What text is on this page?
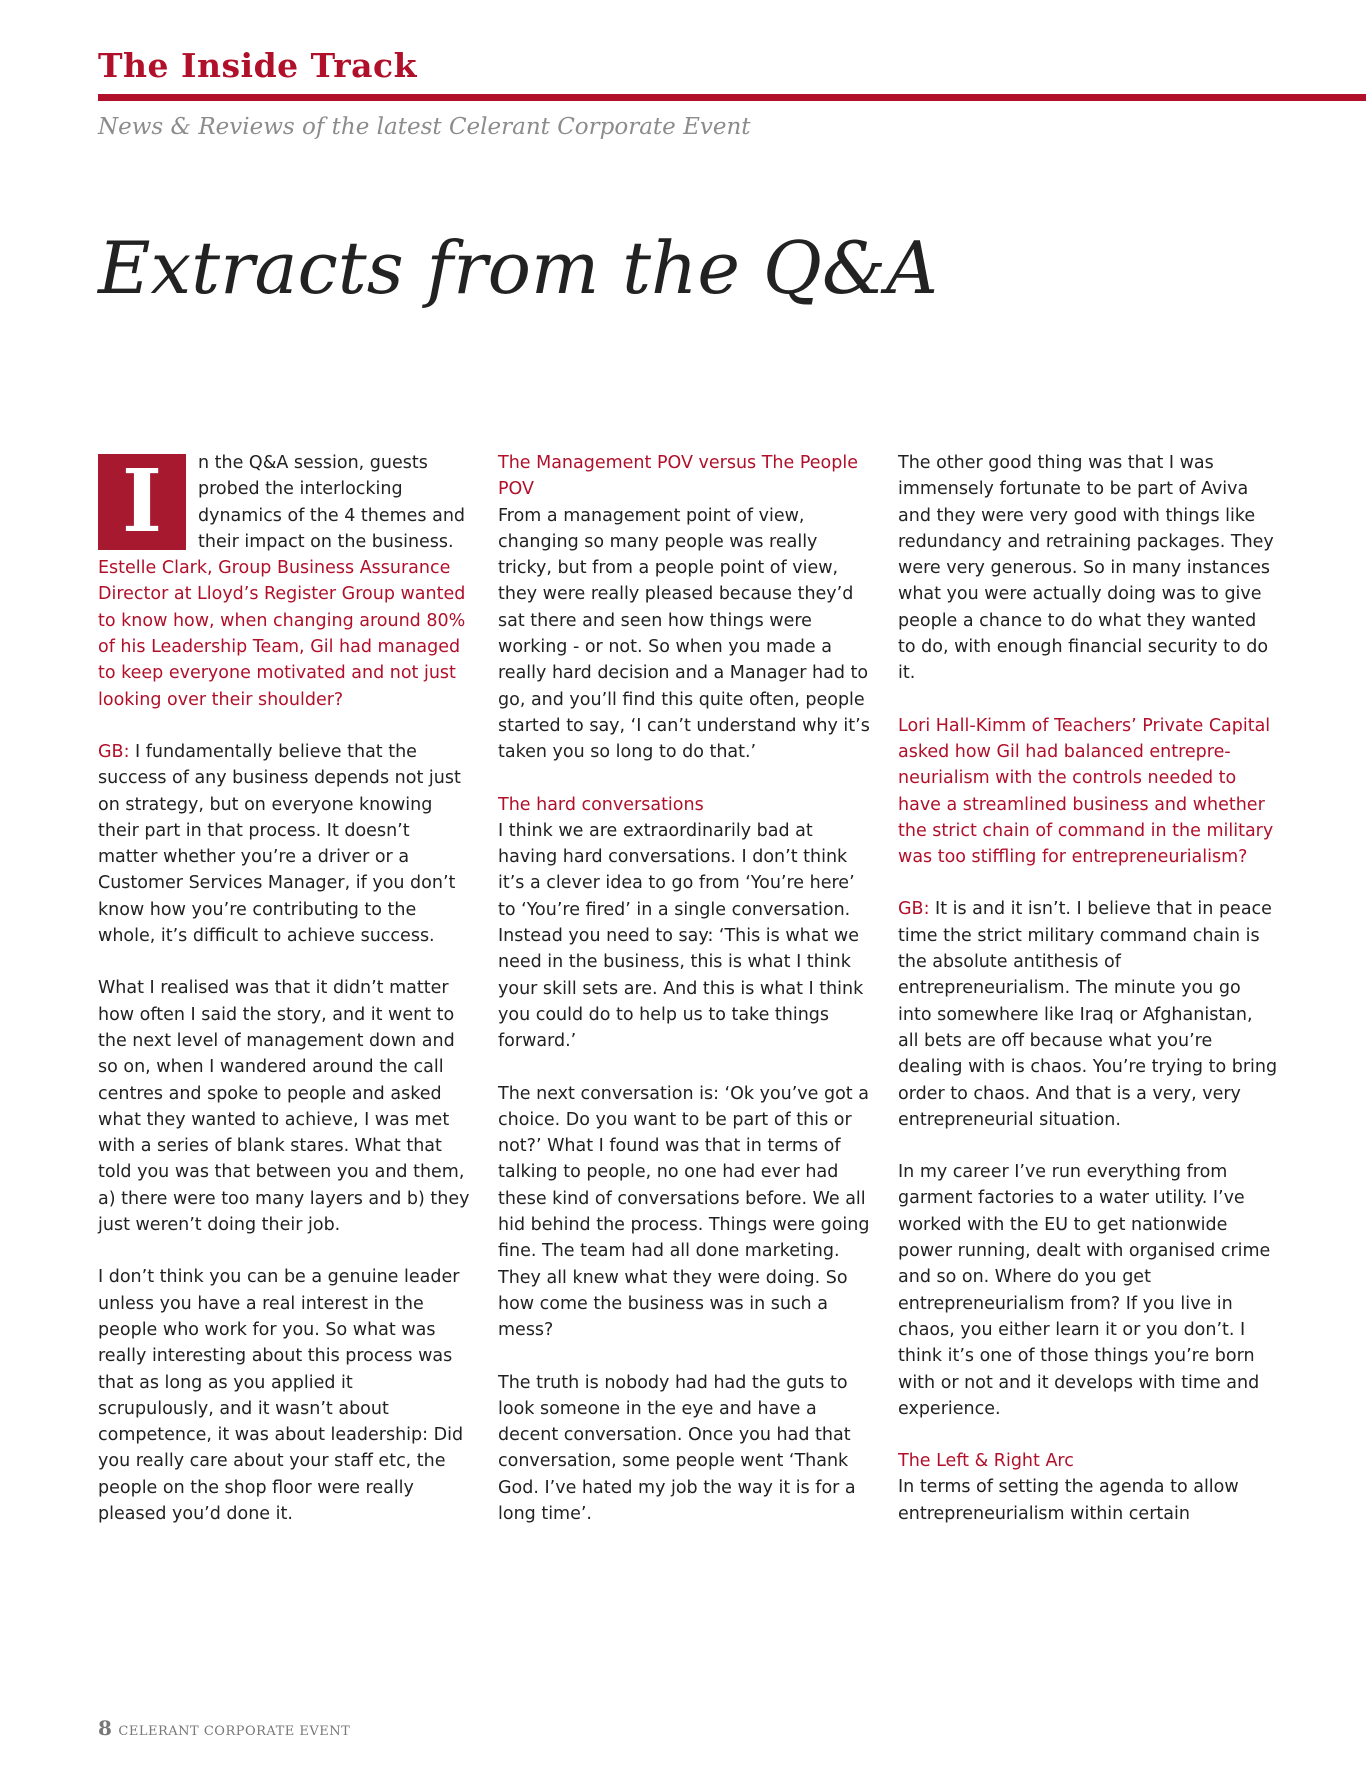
The Inside Track
News & Reviews of the latest Celerant Corporate Event
Extracts from the Q&A

I	n the Q&A session, guests probed the interlocking dynamics of the 4 themes and their impact on the business. Estelle Clark, Group Business Assurance Director at Lloyd’s Register Group wanted to know how, when changing around 80% of his Leadership Team, Gil had managed to keep everyone motivated and not just looking over their shoulder?

GB: I fundamentally believe that the success of any business depends not just on strategy, but on everyone knowing their part in that process. It doesn’t matter whether you’re a driver or a Customer Services Manager, if you don’t know how you’re contributing to the whole, it’s difficult to achieve success.

What I realised was that it didn’t matter how often I said the story, and it went to the next level of management down and so on, when I wandered around the call centres and spoke to people and asked what they wanted to achieve, I was met with a series of blank stares. What that told you was that between you and them, a) there were too many layers and b) they just weren’t doing their job.

I don’t think you can be a genuine leader unless you have a real interest in the people who work for you. So what was really interesting about this process was that as long as you applied it scrupulously, and it wasn’t about competence, it was about leadership: Did you really care about your staff etc, the people on the shop floor were really pleased you’d done it.

The Management POV versus The People POV
From a management point of view, changing so many people was really tricky, but from a people point of view, they were really pleased because they’d sat there and seen how things were working - or not. So when you made a really hard decision and a Manager had to go, and you’ll find this quite often, people started to say, ‘I can’t understand why it’s taken you so long to do that.’

The hard conversations
I think we are extraordinarily bad at having hard conversations. I don’t think it’s a clever idea to go from ‘You’re here’ to ‘You’re fired’ in a single conversation. Instead you need to say: ‘This is what we need in the business, this is what I think your skill sets are. And this is what I think you could do to help us to take things forward.’

The next conversation is: ‘Ok you’ve got a choice. Do you want to be part of this or not?’ What I found was that in terms of talking to people, no one had ever had these kind of conversations before. We all hid behind the process. Things were going fine. The team had all done marketing. They all knew what they were doing. So how come the business was in such a mess?

The truth is nobody had had the guts to look someone in the eye and have a decent conversation. Once you had that conversation, some people went ‘Thank God. I’ve hated my job the way it is for a long time’.

The other good thing was that I was immensely fortunate to be part of Aviva and they were very good with things like redundancy and retraining packages. They were very generous. So in many instances what you were actually doing was to give people a chance to do what they wanted to do, with enough financial security to do it.

Lori Hall-Kimm of Teachers’ Private Capital asked how Gil had balanced entrepre-neurialism with the controls needed to have a streamlined business and whether the strict chain of command in the military was too stiffling for entrepreneurialism?

GB: It is and it isn’t. I believe that in peace time the strict military command chain is the absolute antithesis of entrepreneurialism. The minute you go into somewhere like Iraq or Afghanistan, all bets are off because what you’re dealing with is chaos. You’re trying to bring order to chaos. And that is a very, very entrepreneurial situation.

In my career I’ve run everything from garment factories to a water utility. I’ve worked with the EU to get nationwide power running, dealt with organised crime and so on. Where do you get entrepreneurialism from? If you live in chaos, you either learn it or you don’t. I think it’s one of those things you’re born with or not and it develops with time and experience.

The Left & Right Arc
In terms of setting the agenda to allow entrepreneurialism within certain

8 CELERANT CORPORATE EVENT
